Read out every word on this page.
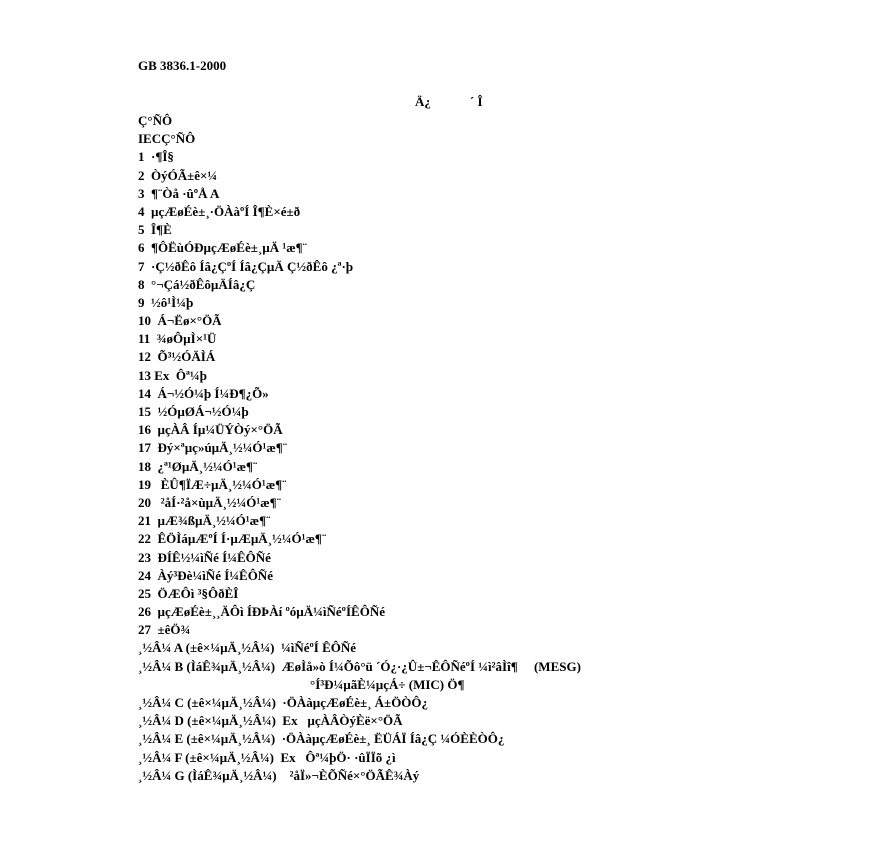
GB 3836.1-2000
Ä¿            ´ Î
Ç°ÑÔ
IECÇ°ÑÔ
1  ·¶Î§
2  ÒýÓÃ±ê×¼
3  ¶¨Òå ·ûºÅ A
4  µçÆøÉè±¸·ÖÀàºÍ Î¶È×é±ð
5  Î¶È
6  ¶ÔËùÓÐµçÆøÉè±¸µÄ ¹æ¶¨
7  ·Ç½ðÊô Íâ¿ÇºÍ Íâ¿ÇµÄ Ç½ðÊô ¿ª·þ
8  °¬Çá½ðÊôµÄÍâ¿Ç
9  ½ô¹Ì¼þ
10  Á¬Ëø×°ÖÃ
11  ¾øÔµÌ×¹Ü
12  Õ³½ÓÄÌÁ
13 Ex  Ôª¼þ
14  Á¬½Ó¼þ Í¼Ð¶¿Õ»
15  ½ÓµØÁ¬½Ó¼þ
16  µçÀÂ Íµ¼ÜÝÒý×°ÖÃ
17  Ðý×ªµç»úµÄ¸½¼Ó¹æ¶¨
18  ¿ª¹ØµÄ¸½¼Ó¹æ¶¨
19   ÈÛ¶ÏÆ÷µÄ¸½¼Ó¹æ¶¨
20   ²åÍ·²å×ùµÄ¸½¼Ó¹æ¶¨
21  µÆ¾ßµÄ¸½¼Ó¹æ¶¨
22  ÊÖÌáµÆºÍ Í·µÆµÄ¸½¼Ó¹æ¶¨
23  ÐÍÊ½¼ìÑé Í¼ÊÔÑé
24  Àý³Ðè¼ìÑé Í¼ÊÔÑé
25  ÖÆÔì ³§ÔðÈÎ
26  µçÆøÉè±¸¸ÄÔì ÍÐÞÀí ºóµÄ¼ìÑéºÍÊÔÑé
27  ±êÖ¾
¸½Â¼ A (±ê×¼µÄ¸½Â¼)  ¼ìÑéºÍ ÊÔÑé
¸½Â¼ B (ÌáÊ¾µÄ¸½Â¼)  ÆøÌå»ò Í¼Õô°ü ´Ó¿·¿Û±¬ÊÔÑéºÍ ¼ì²âÌî¶     (MESG)
°Í³Ð¼µãÈ¼µçÁ÷ (MIC) Ö¶
¸½Â¼ C (±ê×¼µÄ¸½Â¼)  ·ÖÀàµçÆøÉè±¸ Á±ÖÒÔ¿
¸½Â¼ D (±ê×¼µÄ¸½Â¼)  Ex   µçÀÂÒýÈë×°ÖÃ
¸½Â¼ E (±ê×¼µÄ¸½Â¼)  ·ÖÀàµçÆøÉè±¸ ËÜÁÏ Íâ¿Ç ¼ÓÈÈÒÔ¿
¸½Â¼ F (±ê×¼µÄ¸½Â¼)  Ex   Ôª¼þÖ· ·ûÏÏõ ¿ì
¸½Â¼ G (ÌáÊ¾µÄ¸½Â¼)    ²åÏ»¬ÈÕÑé×°ÖÃÊ¾Àý
